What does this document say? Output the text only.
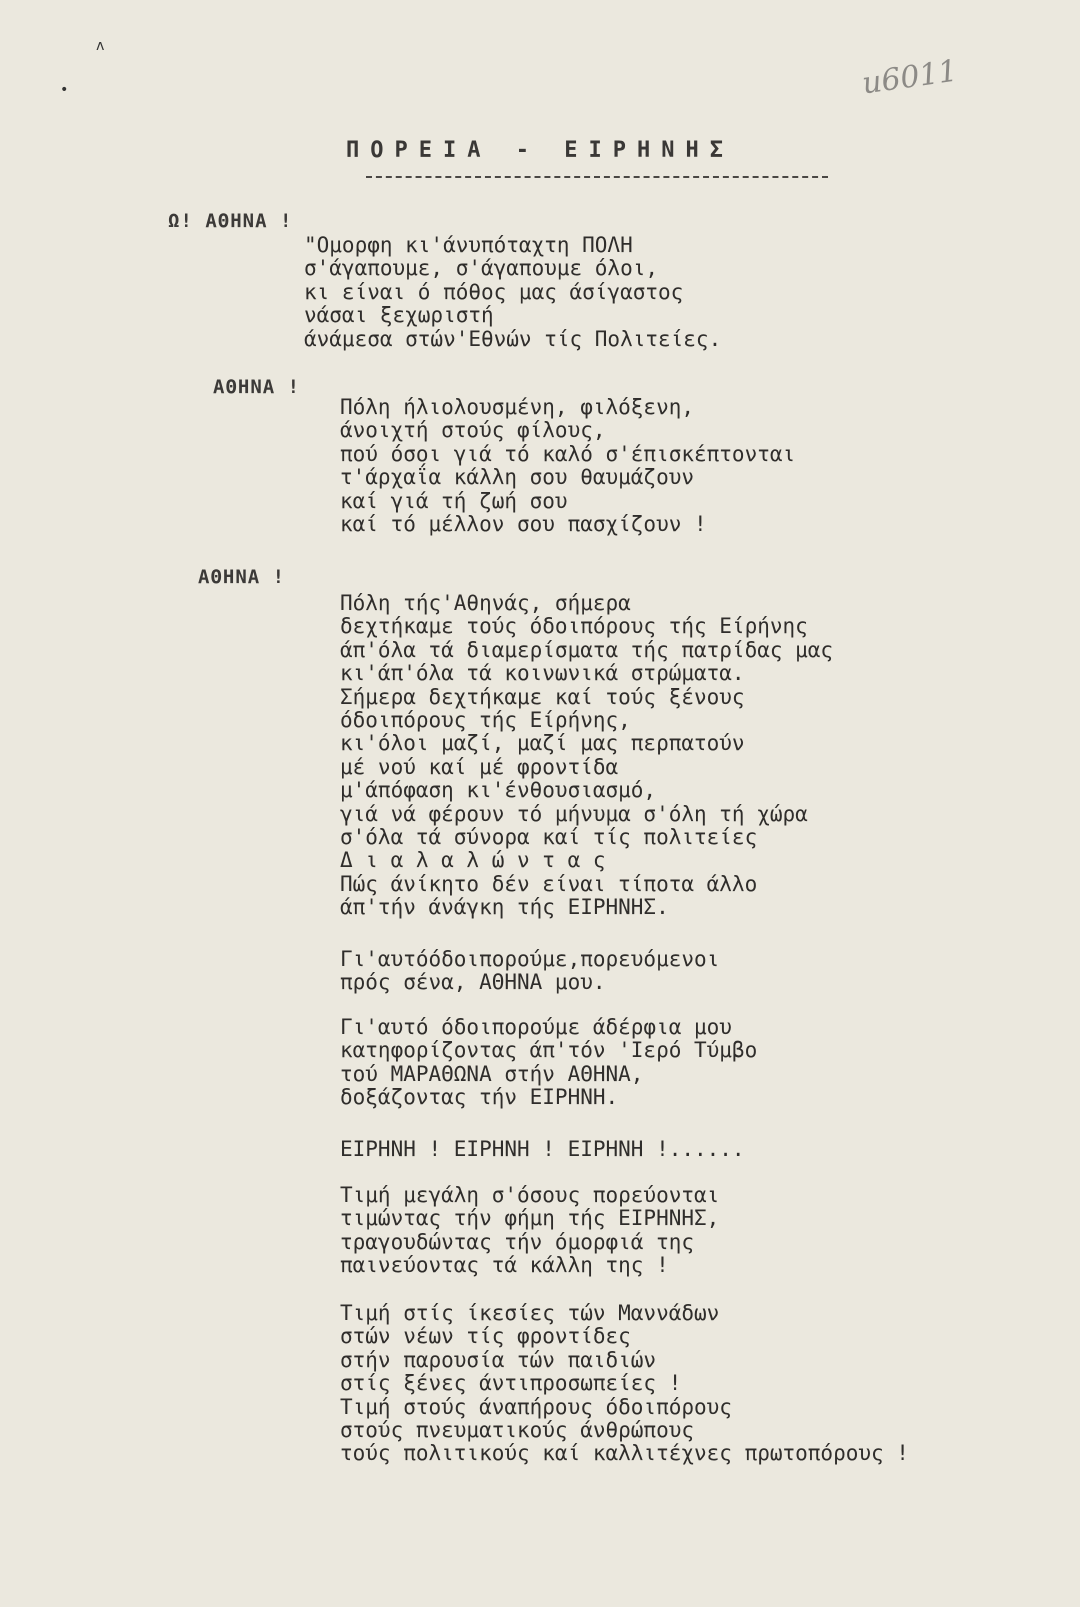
u6011
ʌ
•
ΠΟΡΕΙΑ - ΕΙΡΗΝΗΣ
Ω! ΑΘΗΝΑ !
ΑΘΗΝΑ !
ΑΘΗΝΑ !
"Ομορφη κι'άνυπόταχτη ΠΟΛΗ
σ'άγαπουμε, σ'άγαπουμε όλοι,
κι είναι ό πόθος μας άσίγαστος
νάσαι ξεχωριστή
άνάμεσα στών'Εθνών τίς Πολιτείες.
Πόλη ήλιολουσμένη, φιλόξενη,
άνοιχτή στούς φίλους,
πού όσοι γιά τό καλό σ'έπισκέπτονται
τ'άρχαΐα κάλλη σου θαυμάζουν
καί γιά τή ζωή σου
καί τό μέλλον σου πασχίζουν !
Πόλη τής'Αθηνάς, σήμερα
δεχτήκαμε τούς όδοιπόρους τής Είρήνης
άπ'όλα τά διαμερίσματα τής πατρίδας μας
κι'άπ'όλα τά κοινωνικά στρώματα.
Σήμερα δεχτήκαμε καί τούς ξένους
όδοιπόρους τής Είρήνης,
κι'όλοι μαζί, μαζί μας περπατούν
μέ νού καί μέ φροντίδα
μ'άπόφαση κι'ένθουσιασμό,
γιά νά φέρουν τό μήνυμα σ'όλη τή χώρα
σ'όλα τά σύνορα καί τίς πολιτείες
Δ ι α λ α λ ώ ν τ α ς
Πώς άνίκητο δέν είναι τίποτα άλλο
άπ'τήν άνάγκη τής ΕΙΡΗΝΗΣ.
Γι'αυτόόδοιπορούμε,πορευόμενοι
πρός σένα, ΑΘΗΝΑ μου.
Γι'αυτό όδοιπορούμε άδέρφια μου
κατηφορίζοντας άπ'τόν 'Ιερό Τύμβο
τού ΜΑΡΑΘΩΝΑ στήν ΑΘΗΝΑ,
δοξάζοντας τήν ΕΙΡΗΝΗ.
ΕΙΡΗΝΗ ! ΕΙΡΗΝΗ ! ΕΙΡΗΝΗ !......
Τιμή μεγάλη σ'όσους πορεύονται
τιμώντας τήν φήμη τής ΕΙΡΗΝΗΣ,
τραγουδώντας τήν όμορφιά της
παινεύοντας τά κάλλη της !
Τιμή στίς ίκεσίες τών Μαννάδων
στών νέων τίς φροντίδες
στήν παρουσία τών παιδιών
στίς ξένες άντιπροσωπείες !
Τιμή στούς άναπήρους όδοιπόρους
στούς πνευματικούς άνθρώπους
τούς πολιτικούς καί καλλιτέχνες πρωτοπόρους !
